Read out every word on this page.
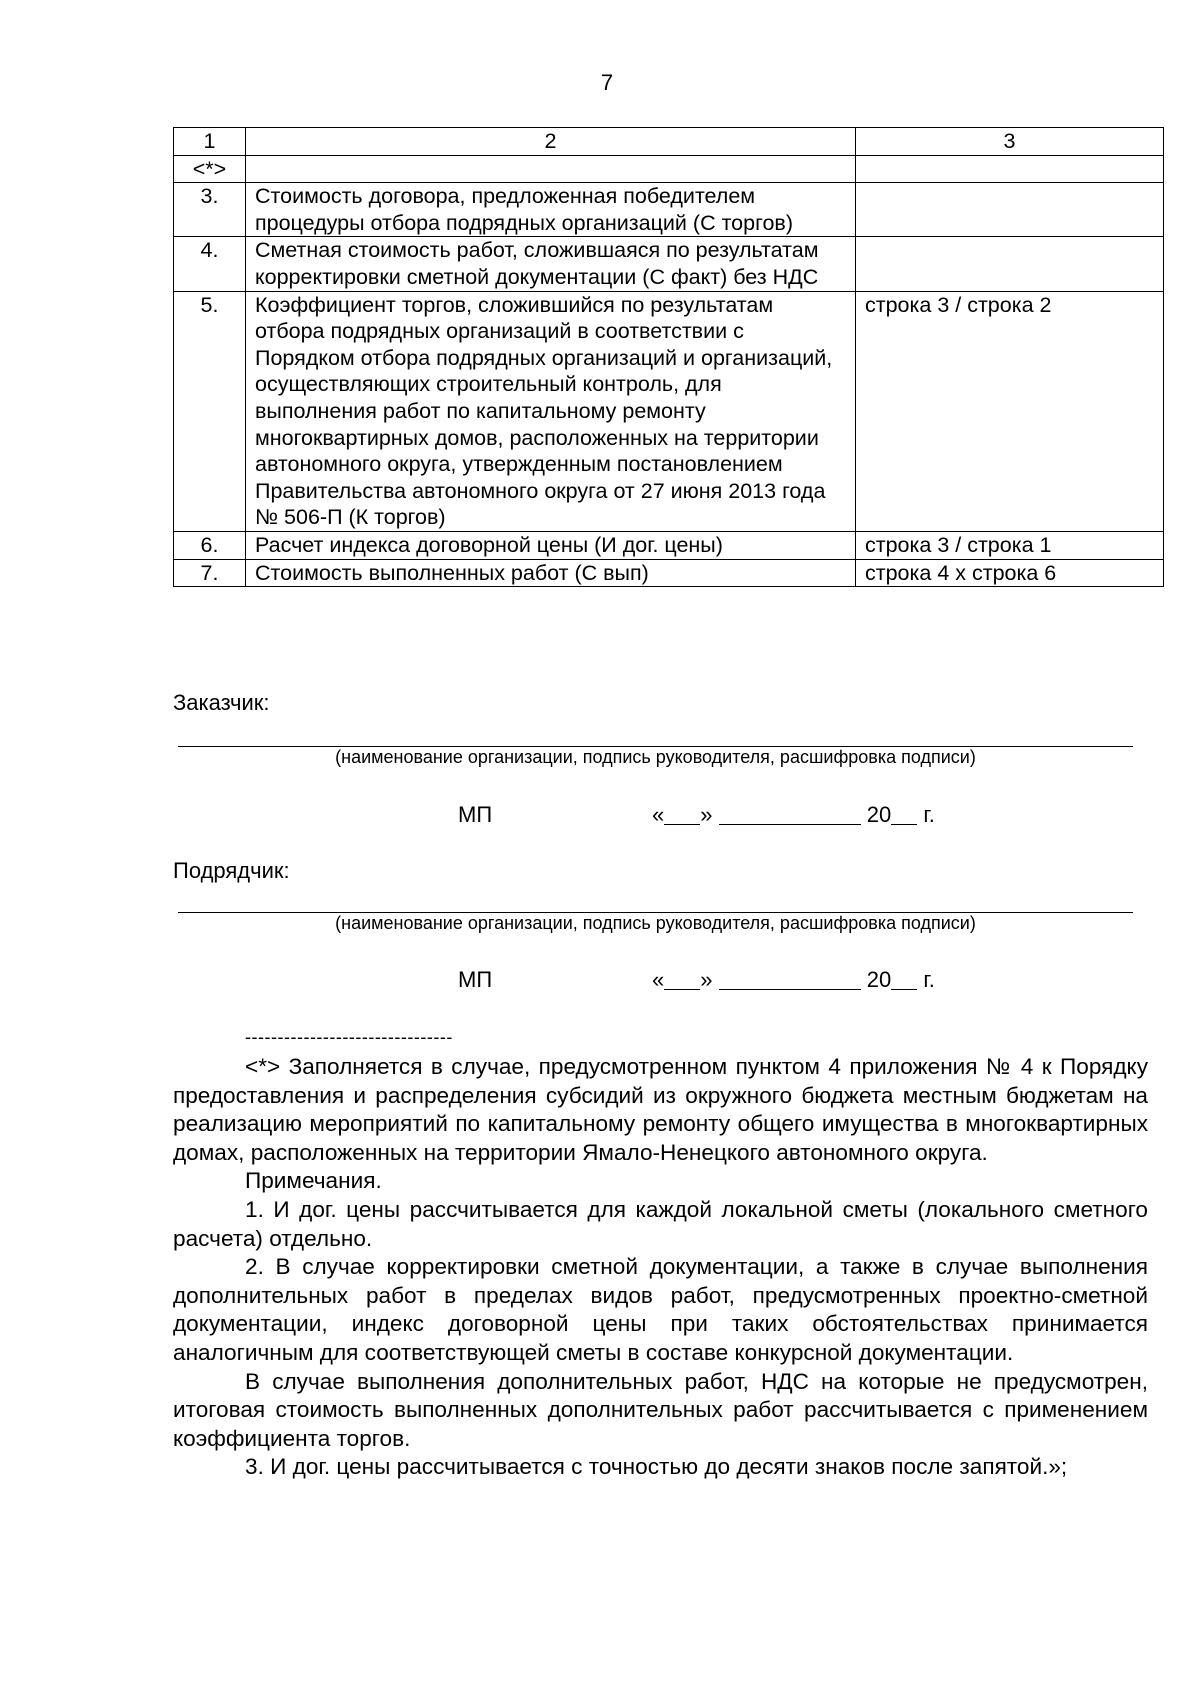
7
1	2	3
<*>		
3.	Стоимость договора, предложенная победителем процедуры отбора подрядных организаций (С торгов)	
4.	Сметная стоимость работ, сложившаяся по результатам корректировки сметной документации (С факт) без НДС	
5.	Коэффициент торгов, сложившийся по результатам отбора подрядных организаций в соответствии с Порядком отбора подрядных организаций и организаций, осуществляющих строительный контроль, для выполнения работ по капитальному ремонту многоквартирных домов, расположенных на территории автономного округа, утвержденным постановлением Правительства автономного округа от 27 июня 2013 года № 506-П (К торгов)	строка 3 / строка 2
6.	Расчет индекса договорной цены (И дог. цены)	строка 3 / строка 1
7.	Стоимость выполненных работ (С вып)	строка 4 х строка 6
Заказчик:
(наименование организации, подпись руководителя, расшифровка подписи)
МП	« »	20 г.
Подрядчик:
(наименование организации, подпись руководителя, расшифровка подписи)
МП	« »	20 г.
--------------------------------

<*> Заполняется в случае, предусмотренном пунктом 4 приложения № 4 к Порядку предоставления и распределения субсидий из окружного бюджета местным бюджетам на реализацию мероприятий по капитальному ремонту общего имущества в многоквартирных домах, расположенных на территории Ямало-Ненецкого автономного округа.

Примечания.

1. И дог. цены рассчитывается для каждой локальной сметы (локального сметного расчета) отдельно.

2. В случае корректировки сметной документации, а также в случае выполнения дополнительных работ в пределах видов работ, предусмотренных проектно-сметной документации, индекс договорной цены при таких обстоятельствах принимается аналогичным для соответствующей сметы в составе конкурсной документации.

В случае выполнения дополнительных работ, НДС на которые не предусмотрен, итоговая стоимость выполненных дополнительных работ рассчитывается с применением коэффициента торгов.

3. И дог. цены рассчитывается с точностью до десяти знаков после запятой.»;
